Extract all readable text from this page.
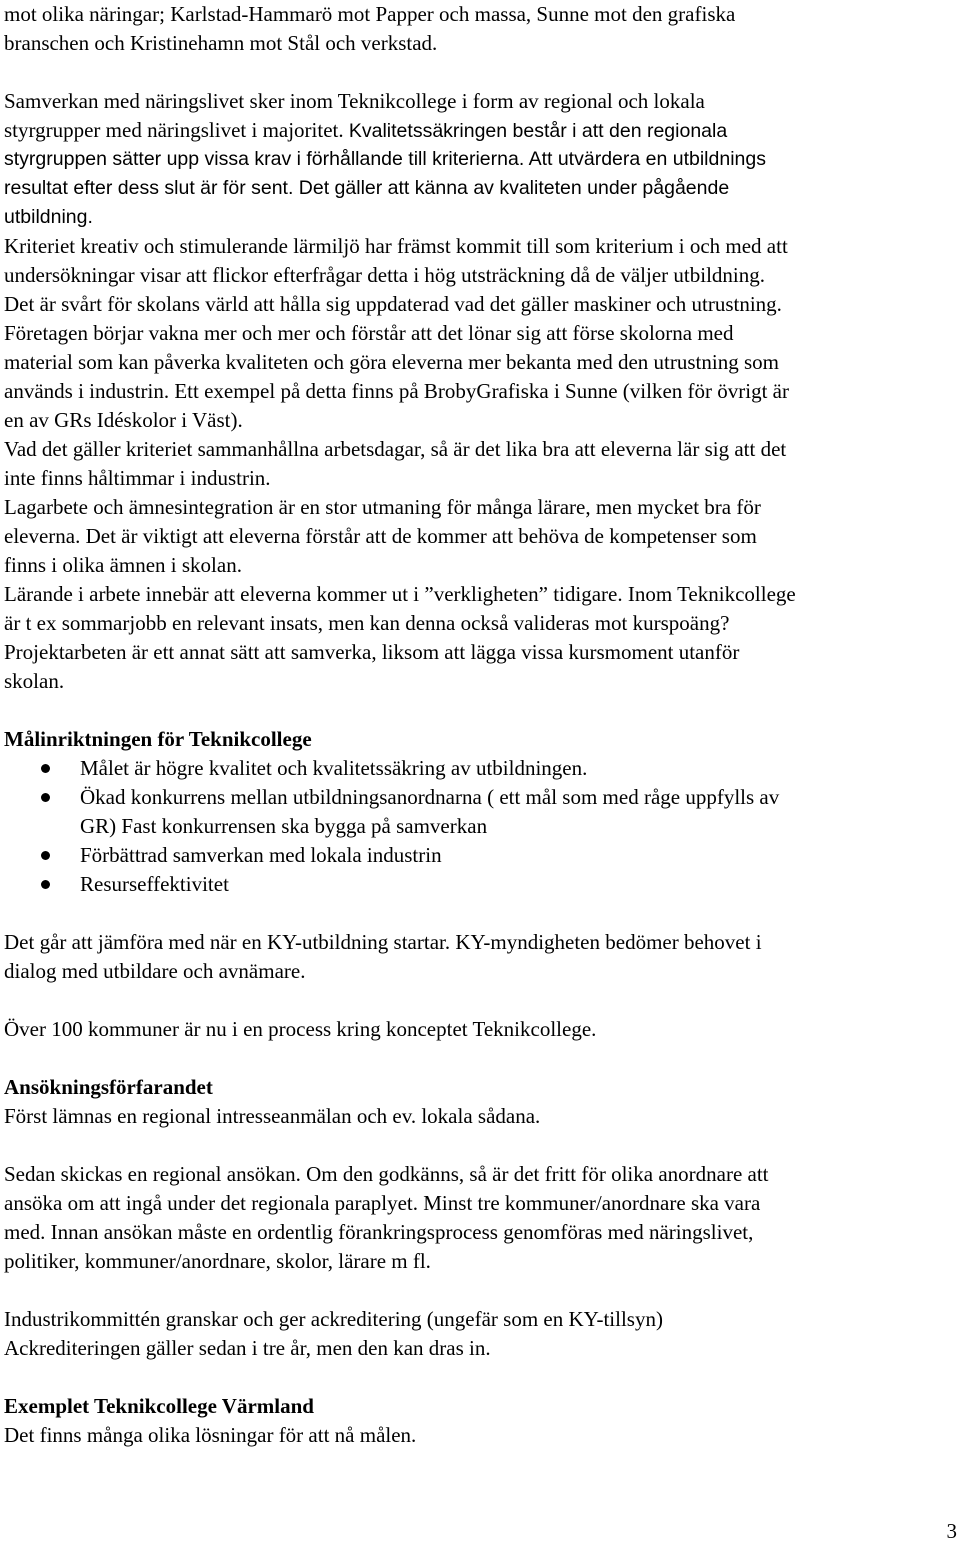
mot olika näringar; Karlstad-Hammarö mot Papper och massa, Sunne mot den grafiska
branschen och Kristinehamn mot Stål och verkstad.
Samverkan med näringslivet sker inom Teknikcollege i form av regional och lokala
styrgrupper med näringslivet i majoritet. Kvalitetssäkringen består i att den regionala
styrgruppen sätter upp vissa krav i förhållande till kriterierna. Att utvärdera en utbildnings
resultat efter dess slut är för sent. Det gäller att känna av kvaliteten under pågående
utbildning.
Kriteriet kreativ och stimulerande lärmiljö har främst kommit till som kriterium i och med att
undersökningar visar att flickor efterfrågar detta i hög utsträckning då de väljer utbildning.
Det är svårt för skolans värld att hålla sig uppdaterad vad det gäller maskiner och utrustning.
Företagen börjar vakna mer och mer och förstår att det lönar sig att förse skolorna med
material som kan påverka kvaliteten och göra eleverna mer bekanta med den utrustning som
används i industrin. Ett exempel på detta finns på BrobyGrafiska i Sunne (vilken för övrigt är
en av GRs Idéskolor i Väst).
Vad det gäller kriteriet sammanhållna arbetsdagar, så är det lika bra att eleverna lär sig att det
inte finns håltimmar i industrin.
Lagarbete och ämnesintegration är en stor utmaning för många lärare, men mycket bra för
eleverna. Det är viktigt att eleverna förstår att de kommer att behöva de kompetenser som
finns i olika ämnen i skolan.
Lärande i arbete innebär att eleverna kommer ut i ”verkligheten” tidigare. Inom Teknikcollege
är t ex sommarjobb en relevant insats, men kan denna också valideras mot kurspoäng?
Projektarbeten är ett annat sätt att samverka, liksom att lägga vissa kursmoment utanför
skolan.
Målinriktningen för Teknikcollege
Målet är högre kvalitet och kvalitetssäkring av utbildningen.
Ökad konkurrens mellan utbildningsanordnarna ( ett mål som med råge uppfylls av
GR) Fast konkurrensen ska bygga på samverkan
Förbättrad samverkan med lokala industrin
Resurseffektivitet
Det går att jämföra med när en KY-utbildning startar. KY-myndigheten bedömer behovet i
dialog med utbildare och avnämare.
Över 100 kommuner är nu i en process kring konceptet Teknikcollege.
Ansökningsförfarandet
Först lämnas en regional intresseanmälan och ev. lokala sådana.
Sedan skickas en regional ansökan. Om den godkänns, så är det fritt för olika anordnare att
ansöka om att ingå under det regionala paraplyet. Minst tre kommuner/anordnare ska vara
med. Innan ansökan måste en ordentlig förankringsprocess genomföras med näringslivet,
politiker, kommuner/anordnare, skolor, lärare m fl.
Industrikommittén granskar och ger ackreditering (ungefär som en KY-tillsyn)
Ackrediteringen gäller sedan i tre år, men den kan dras in.
Exemplet Teknikcollege Värmland
Det finns många olika lösningar för att nå målen.
3
